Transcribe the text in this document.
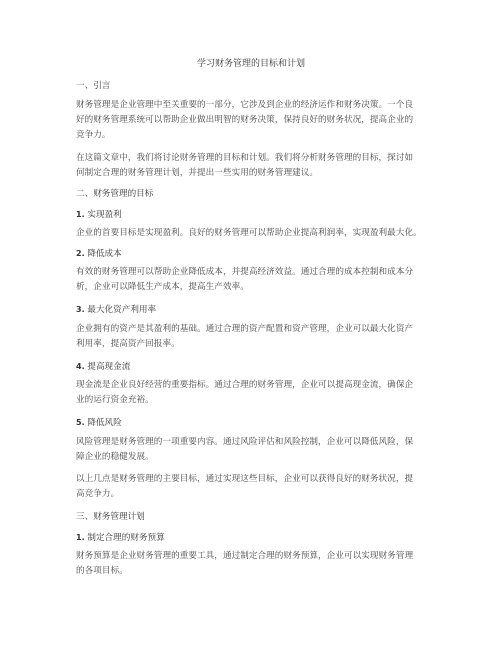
学习财务管理的目标和计划
一、引言
财务管理是企业管理中至关重要的一部分，它涉及到企业的经济运作和财务决策。一个良
好的财务管理系统可以帮助企业做出明智的财务决策，保持良好的财务状况，提高企业的
竞争力。
在这篇文章中，我们将讨论财务管理的目标和计划。我们将分析财务管理的目标，探讨如
何制定合理的财务管理计划，并提出一些实用的财务管理建议。
二、财务管理的目标
1. 实现盈利
企业的首要目标是实现盈利。良好的财务管理可以帮助企业提高利润率，实现盈利最大化。
2. 降低成本
有效的财务管理可以帮助企业降低成本，并提高经济效益。通过合理的成本控制和成本分
析，企业可以降低生产成本，提高生产效率。
3. 最大化资产利用率
企业拥有的资产是其盈利的基础。通过合理的资产配置和资产管理，企业可以最大化资产
利用率，提高资产回报率。
4. 提高现金流
现金流是企业良好经营的重要指标。通过合理的财务管理，企业可以提高现金流，确保企
业的运行资金充裕。
5. 降低风险
风险管理是财务管理的一项重要内容。通过风险评估和风险控制，企业可以降低风险，保
障企业的稳健发展。
以上几点是财务管理的主要目标，通过实现这些目标，企业可以获得良好的财务状况，提
高竞争力。
三、财务管理计划
1. 制定合理的财务预算
财务预算是企业财务管理的重要工具，通过制定合理的财务预算，企业可以实现财务管理
的各项目标。
